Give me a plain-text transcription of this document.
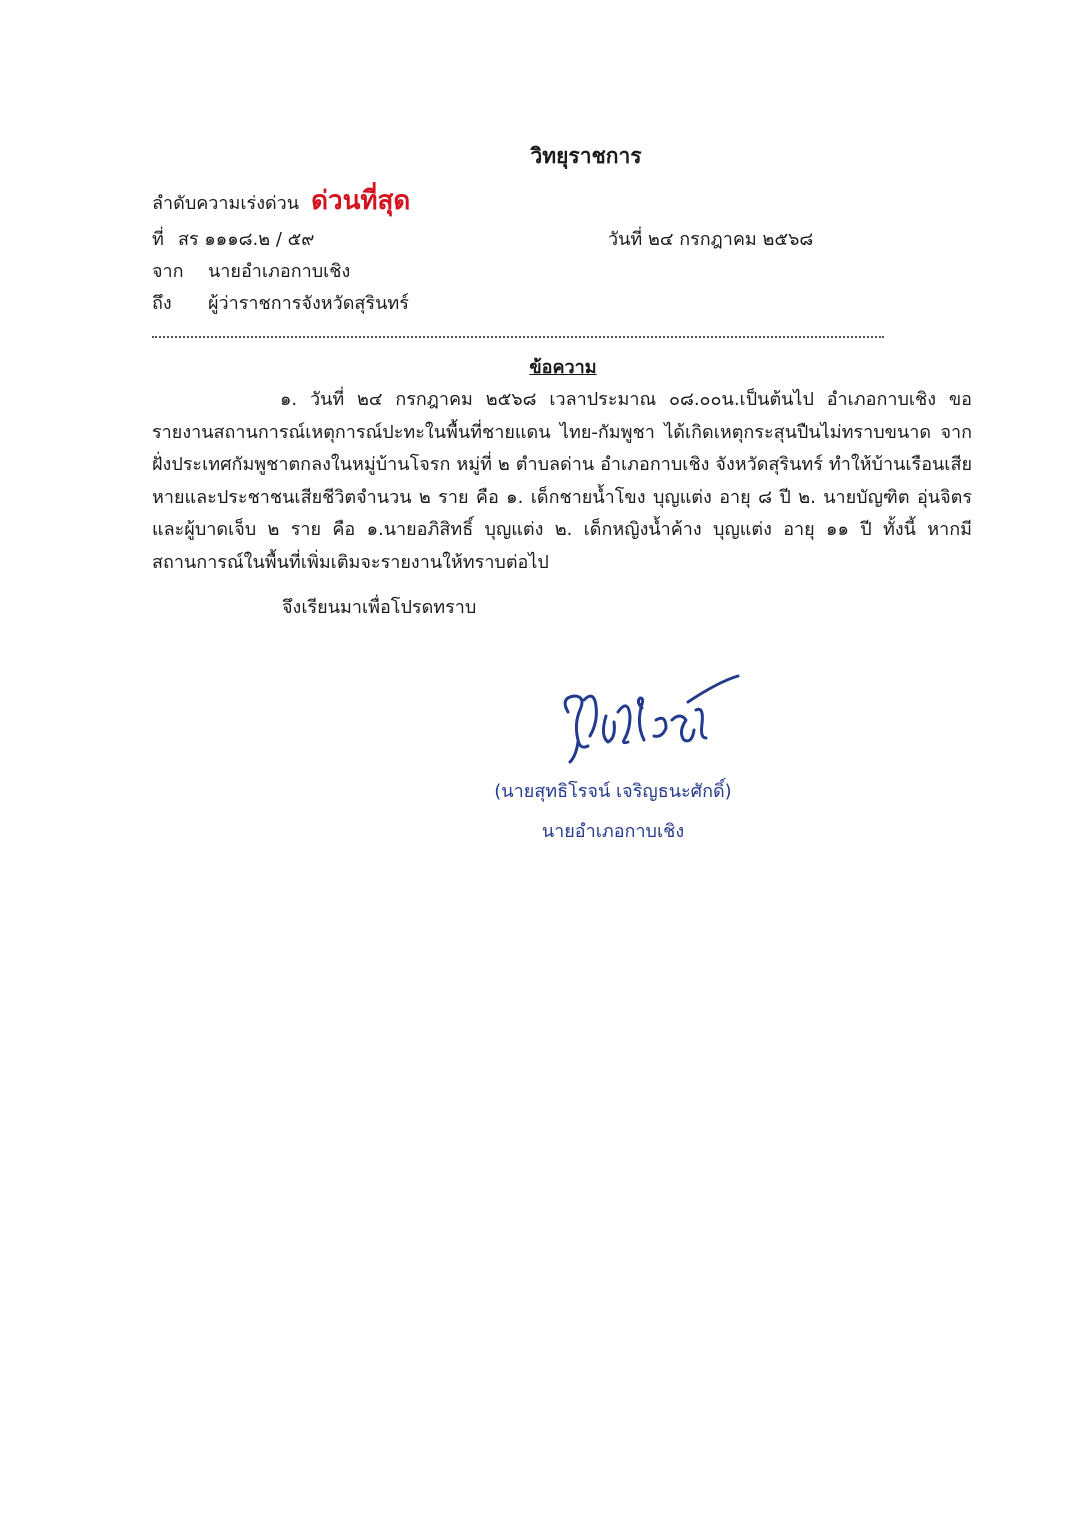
วิทยุราชการ
ลำดับความเร่งด่วน ด่วนที่สุด
ที่ สร ๑๑๑๘.๒ / ๕๙	วันที่ ๒๔ กรกฎาคม ๒๕๖๘
จาก	นายอำเภอกาบเชิง
ถึง	ผู้ว่าราชการจังหวัดสุรินทร์
ข้อความ
๑. วันที่ ๒๔ กรกฎาคม ๒๕๖๘ เวลาประมาณ ๐๘.๐๐น.เป็นต้นไป อำเภอกาบเชิง ขอรายงานสถานการณ์เหตุการณ์ปะทะในพื้นที่ชายแดน ไทย-กัมพูชา ได้เกิดเหตุกระสุนปืนไม่ทราบขนาด จากฝั่งประเทศกัมพูชาตกลงในหมู่บ้านโจรก หมู่ที่ ๒ ตำบลด่าน อำเภอกาบเชิง จังหวัดสุรินทร์ ทำให้บ้านเรือนเสียหายและประชาชนเสียชีวิตจำนวน ๒ ราย คือ ๑. เด็กชายน้ำโขง บุญแต่ง อายุ ๘ ปี ๒. นายบัญฑิต อุ่นจิตร และผู้บาดเจ็บ ๒ ราย คือ ๑.นายอภิสิทธิ์ บุญแต่ง ๒. เด็กหญิงน้ำค้าง บุญแต่ง อายุ ๑๑ ปี ทั้งนี้ หากมีสถานการณ์ในพื้นที่เพิ่มเติมจะรายงานให้ทราบต่อไป
จึงเรียนมาเพื่อโปรดทราบ
(นายสุทธิโรจน์ เจริญธนะศักดิ์)
นายอำเภอกาบเชิง
